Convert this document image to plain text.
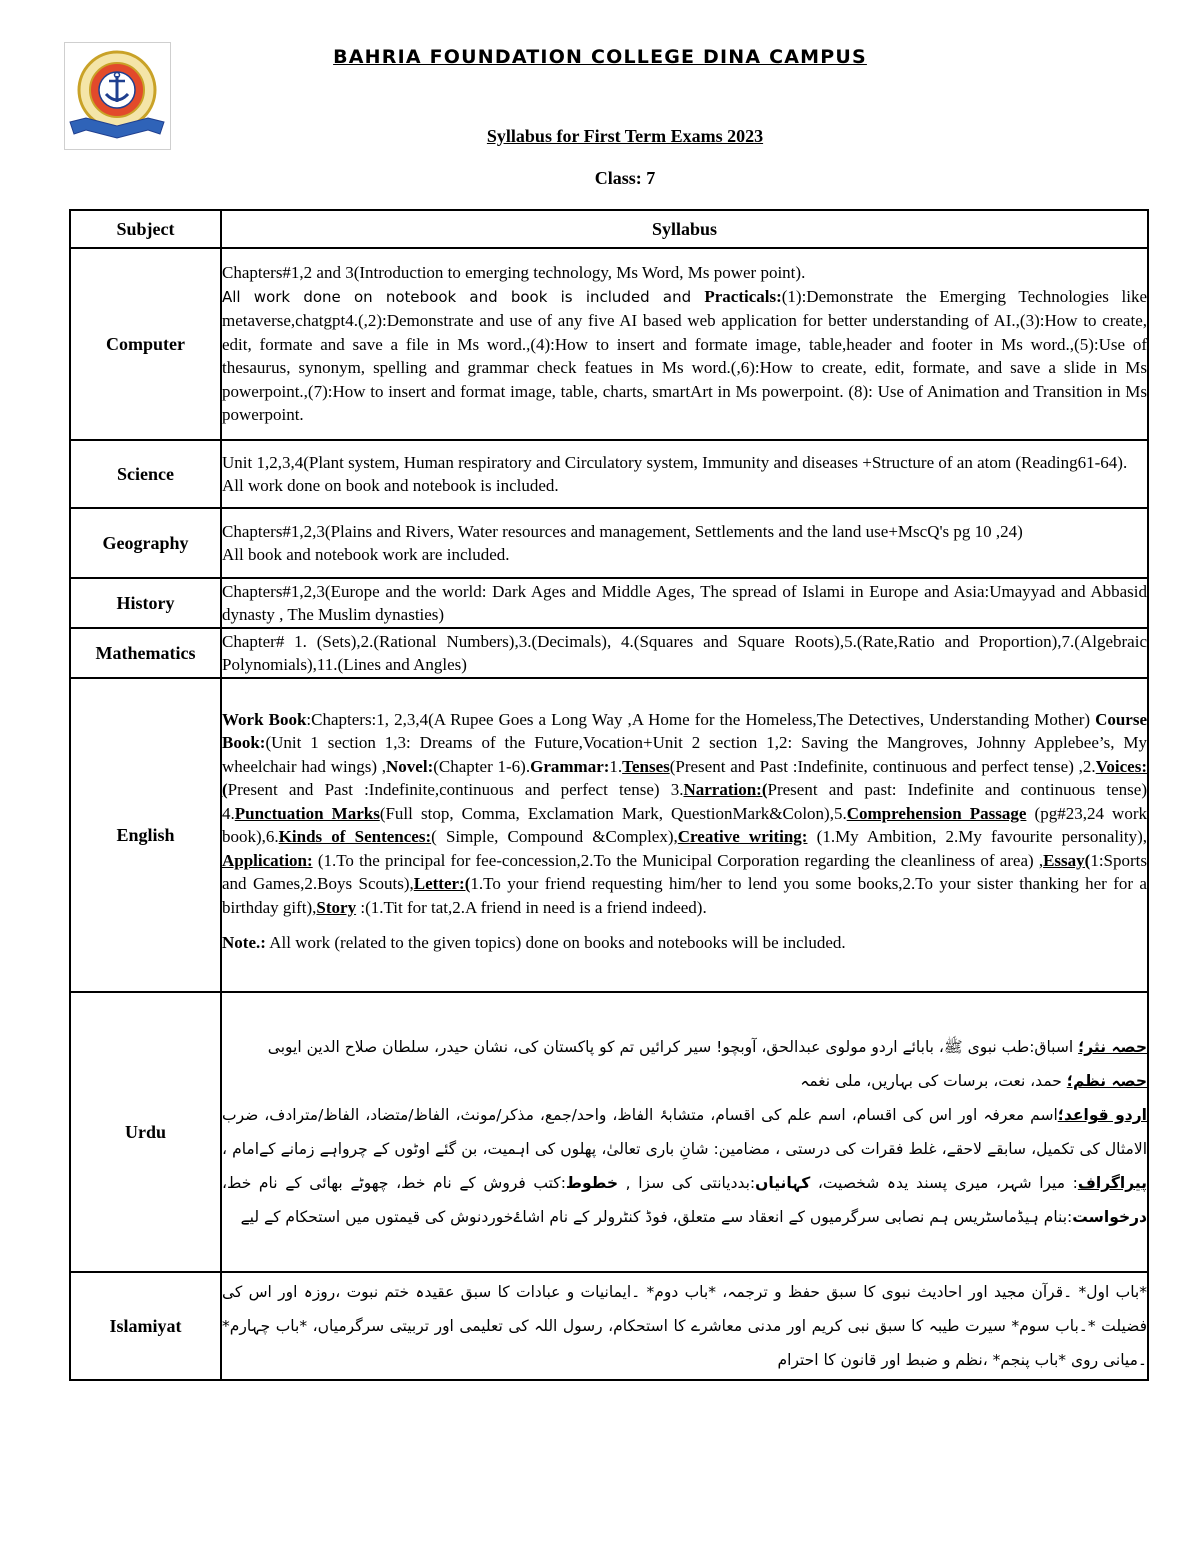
BAHRIA FOUNDATION COLLEGE DINA CAMPUS
Syllabus for First Term Exams 2023
Class: 7
Subject	Syllabus
Computer	Chapters#1,2 and 3(Introduction to emerging technology, Ms Word, Ms power point).

All work done on notebook and book is included and Practicals:(1):Demonstrate the Emerging Technologies like metaverse,chatgpt4.(,2):Demonstrate and use of any five AI based web application for better understanding of AI.,(3):How to create, edit, formate and save a file in Ms word.,(4):How to insert and formate image, table,header and footer in Ms word.,(5):Use of thesaurus, synonym, spelling and grammar check featues in Ms word.(,6):How to create, edit, formate, and save a slide in Ms powerpoint.,(7):How to insert and format image, table, charts, smartArt in Ms powerpoint. (8): Use of Animation and Transition in Ms powerpoint.

Science	Unit 1,2,3,4(Plant system, Human respiratory and Circulatory system, Immunity and diseases +Structure of an atom (Reading61-64).

All work done on book and notebook is included.

Geography	Chapters#1,2,3(Plains and Rivers, Water resources and management, Settlements and the land use+MscQ's pg 10 ,24)

All book and notebook work are included.

History	Chapters#1,2,3(Europe and the world: Dark Ages and Middle Ages, The spread of Islami in Europe and Asia:Umayyad and Abbasid dynasty , The Muslim dynasties)

Mathematics	Chapter# 1. (Sets),2.(Rational Numbers),3.(Decimals), 4.(Squares and Square Roots),5.(Rate,Ratio and Proportion),7.(Algebraic Polynomials),11.(Lines and Angles)

English	Work Book:Chapters:1, 2,3,4(A Rupee Goes a Long Way ,A Home for the Homeless,The Detectives, Understanding Mother) Course Book:(Unit 1 section 1,3: Dreams of the Future,Vocation+Unit 2 section 1,2: Saving the Mangroves, Johnny Applebee’s, My wheelchair had wings) ,Novel:(Chapter 1-6).Grammar:1.Tenses(Present and Past :Indefinite, continuous and perfect tense) ,2.Voices:(Present and Past :Indefinite,continuous and perfect tense) 3.Narration:(Present and past: Indefinite and continuous tense) 4.Punctuation Marks(Full stop, Comma, Exclamation Mark, QuestionMark&Colon),5.Comprehension Passage (pg#23,24 work book),6.Kinds of Sentences:( Simple, Compound &Complex),Creative writing: (1.My Ambition, 2.My favourite personality), Application: (1.To the principal for fee-concession,2.To the Municipal Corporation regarding the cleanliness of area) ,Essay(1:Sports and Games,2.Boys Scouts),Letter:(1.To your friend requesting him/her to lend you some books,2.To your sister thanking her for a birthday gift),Story :(1.Tit for tat,2.A friend in need is a friend indeed).

Note.: All work (related to the given topics) done on books and notebooks will be included.

Urdu	حصہ نثر؛ اسباق:طب نبوی ﷺ، بابائے اردو مولوی عبدالحق، آوبچو! سیر کرائیں تم کو پاکستان کی، نشان حیدر، سلطان صلاح الدین ایوبی

حصہ نظم؛ حمد، نعت، برسات کی بہاریں، ملی نغمہ

اردو قواعد؛اسم معرفہ اور اس کی اقسام، اسم علم کی اقسام، متشابۂ الفاظ، واحد/جمع، مذکر/مونث، الفاظ/متضاد، الفاظ/مترادف، ضرب الامثال کی تکمیل، سابقے لاحقے، غلط فقرات کی درستی ، مضامین: شانِ باری تعالیٰ، پھلوں کی اہمیت، بن گئے اوٹوں کے چرواہے زمانے کےامام ، پیراگراف: میرا شہر، میری پسند یدہ شخصیت، کہانیاں:بددیانتی کی سزا , خطوط:کتب فروش کے نام خط، چھوٹے بھائی کے نام خط، درخواست:بنام ہیڈماسٹریس ہم نصابی سرگرمیوں کے انعقاد سے متعلق، فوڈ کنٹرولر کے نام اشاۓخوردنوش کی قیمتوں میں استحکام کے لیے

Islamiyat	*باب اول* ۔قرآن مجید اور احادیث نبوی کا سبق حفظ و ترجمہ، *باب دوم* ۔ایمانیات و عبادات کا سبق عقیدہ ختم نبوت ،روزہ اور اس کی فضیلت *۔باب سوم* سیرت طیبہ کا سبق نبی کریم اور مدنی معاشرے کا استحکام، رسول اللہ کی تعلیمی اور تربیتی سرگرمیاں، *باب چہارم* ۔میانی روی *باب پنجم* ،نظم و ضبط اور قانون کا احترام
